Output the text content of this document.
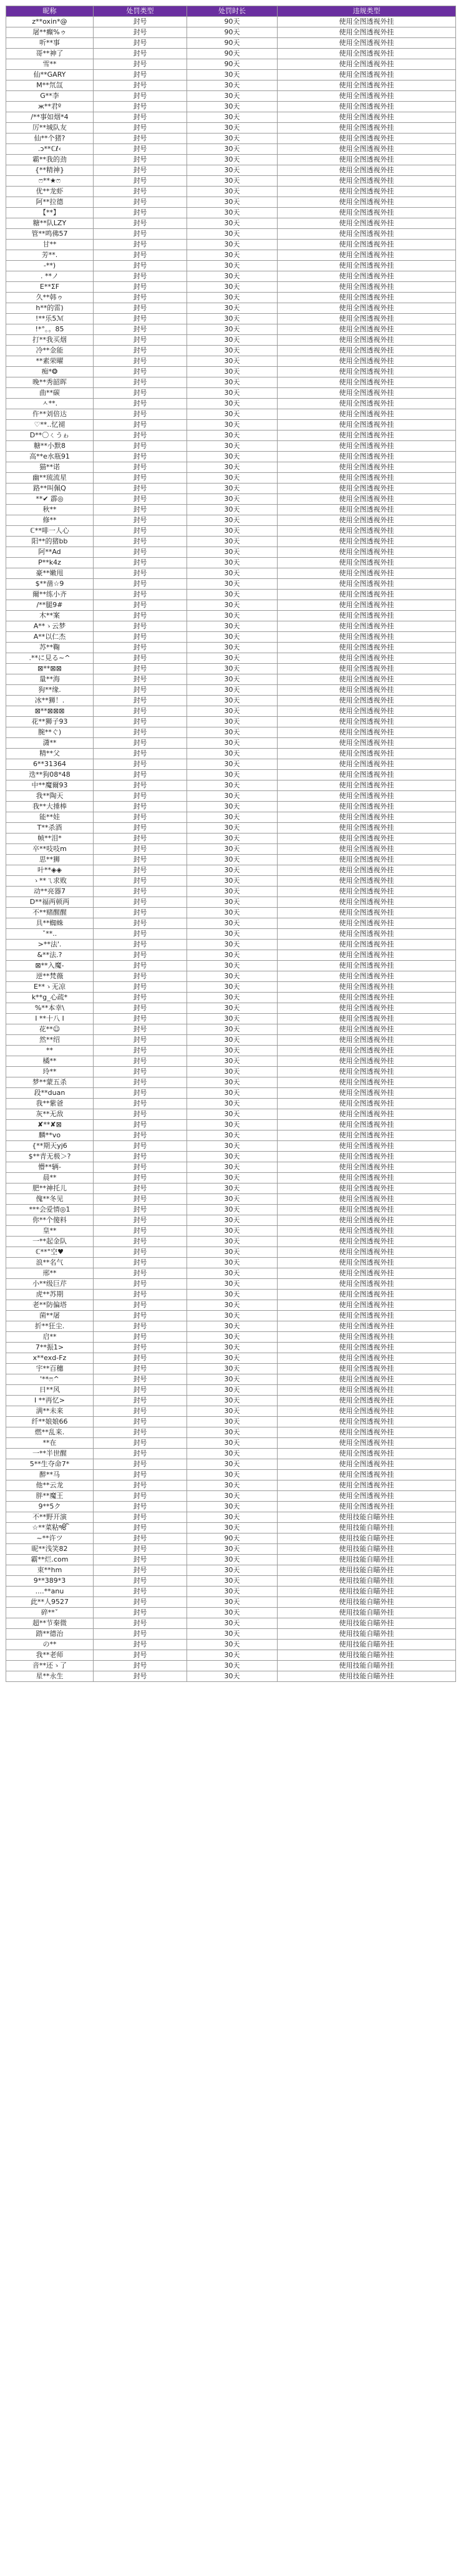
昵称	处罚类型	处罚时长	违规类型
z**oxin*@	封号	90天	使用全图透视外挂
屠**癫%ゥ	封号	90天	使用全图透视外挂
听**事	封号	90天	使用全图透视外挂
哥**神了	封号	90天	使用全图透视外挂
雪**	封号	90天	使用全图透视外挂
仙**GARY	封号	30天	使用全图透视外挂
M**氘氙	封号	30天	使用全图透视外挂
G**李	封号	30天	使用全图透视外挂
ж**君º	封号	30天	使用全图透视外挂
/**事如烟*4	封号	30天	使用全图透视外挂
厉**城队友	封号	30天	使用全图透视外挂
仙**个猪?	封号	30天	使用全图透视外挂
.ↄ**ℂℓ‹	封号	30天	使用全图透视外挂
霸**我的劲	封号	30天	使用全图透视外挂
{**精神}	封号	30天	使用全图透视外挂
ෆ**★ෆ	封号	30天	使用全图透视外挂
优**龙虾	封号	30天	使用全图透视外挂
阿**拉德	封号	30天	使用全图透视外挂
【**】	封号	30天	使用全图透视外挂
糖**队LZY	封号	30天	使用全图透视外挂
管**鸣佛57	封号	30天	使用全图透视外挂
甘**	封号	30天	使用全图透视外挂
芳**.	封号	30天	使用全图透视外挂
-**)	封号	30天	使用全图透视外挂
. **ノ	封号	30天	使用全图透视外挂
E**ΣF	封号	30天	使用全图透视外挂
久**韩ゥ	封号	30天	使用全图透视外挂
h**的雷)	封号	30天	使用全图透视外挂
!**乐5ℳ	封号	30天	使用全图透视外挂
!*°。。85	封号	30天	使用全图透视外挂
打**我买烟	封号	30天	使用全图透视外挂
冷**金能	封号	30天	使用全图透视外挂
**素荣曜	封号	30天	使用全图透视外挂
痴*❂	封号	30天	使用全图透视外挂
晚**秀韶晖	封号	30天	使用全图透视外挂
曲**碳	封号	30天	使用全图透视外挂
ㅅ**.	封号	30天	使用全图透视外挂
仵**刘倍达	封号	30天	使用全图透视外挂
♡**..忆褪	封号	30天	使用全图透视外挂
D**〇ㄑうゎ	封号	30天	使用全图透视外挂
糖**小默8	封号	30天	使用全图透视外挂
高**e水瓶91	封号	30天	使用全图透视外挂
猫**诺	封号	30天	使用全图透视外挂
幽**琉流星	封号	30天	使用全图透视外挂
路**叫佩Q	封号	30天	使用全图透视外挂
**✔ 霹◎	封号	30天	使用全图透视外挂
秋**	封号	30天	使用全图透视外挂
修**	封号	30天	使用全图透视外挂
ℂ**啡一人心	封号	30天	使用全图透视外挂
阳**的猪bb	封号	30天	使用全图透视外挂
阿**Ad	封号	30天	使用全图透视外挂
P**k4z	封号	30天	使用全图透视外挂
豪**嫩甩	封号	30天	使用全图透视外挂
$**凿☆9	封号	30天	使用全图透视外挂
爾**练小齐	封号	30天	使用全图透视外挂
/**腿9#	封号	30天	使用全图透视外挂
木**案	封号	30天	使用全图透视外挂
A**ゝ云梦	封号	30天	使用全图透视外挂
A**以仁杰	封号	30天	使用全图透视外挂
苏**鞠	封号	30天	使用全图透视外挂
.**に見る~^	封号	30天	使用全图透视外挂
⊠**⊠⊠	封号	30天	使用全图透视外挂
量**海	封号	30天	使用全图透视外挂
狗**缘.	封号	30天	使用全图透视外挂
冰**狮！.	封号	30天	使用全图透视外挂
⊠**⊠⊠⊠	封号	30天	使用全图透视外挂
花**狮子93	封号	30天	使用全图透视外挂
腕**ぐ)	封号	30天	使用全图透视外挂
潇**	封号	30天	使用全图透视外挂
精**父	封号	30天	使用全图透视外挂
6**31364	封号	30天	使用全图透视外挂
迭**狗08*48	封号	30天	使用全图透视外挂
中**魔爾93	封号	30天	使用全图透视外挂
我**陶天	封号	30天	使用全图透视外挂
我**大捶棒	封号	30天	使用全图透视外挂
能**娃	封号	30天	使用全图透视外挂
T**杀酒	封号	30天	使用全图透视外挂
帧**泪*	封号	30天	使用全图透视外挂
卒**吱吱m	封号	30天	使用全图透视外挂
思**狮	封号	30天	使用全图透视外挂
叶**◈◈	封号	30天	使用全图透视外挂
ゝ**ㄟ求败	封号	30天	使用全图透视外挂
动**亮器7	封号	30天	使用全图透视外挂
D**福两顿两	封号	30天	使用全图透视外挂
不**赌醒醒	封号	30天	使用全图透视外挂
具**蜘蛛	封号	30天	使用全图透视外挂
ˇ**..	封号	30天	使用全图透视外挂
>**法'.	封号	30天	使用全图透视外挂
&**法.?	封号	30天	使用全图透视外挂
⊠**入魔-	封号	30天	使用全图透视外挂
逆**梵薇	封号	30天	使用全图透视外挂
E**ゝ无凉	封号	30天	使用全图透视外挂
k**g_心疏*	封号	30天	使用全图透视外挂
%**本幸\	封号	30天	使用全图透视外挂
I **十八 I	封号	30天	使用全图透视外挂
花**☺	封号	30天	使用全图透视外挂
然**绍	封号	30天	使用全图透视外挂
**	封号	30天	使用全图透视外挂
橘**	封号	30天	使用全图透视外挂
玲**	封号	30天	使用全图透视外挂
梦**蒙五杀	封号	30天	使用全图透视外挂
段**duan	封号	30天	使用全图透视外挂
我**紫爸	封号	30天	使用全图透视外挂
灰**无敌	封号	30天	使用全图透视外挂
✘**✘⊠	封号	30天	使用全图透视外挂
麟**vo	封号	30天	使用全图透视外挂
{**期天yj6	封号	30天	使用全图透视外挂
$**青无极＞?	封号	30天	使用全图透视外挂
懵**辆-	封号	30天	使用全图透视外挂
晨**	封号	30天	使用全图透视外挂
肥**神托儿	封号	30天	使用全图透视外挂
傀**冬见	封号	30天	使用全图透视外挂
***会爱情◎1	封号	30天	使用全图透视外挂
你**个傻料	封号	30天	使用全图透视外挂
皇**	封号	30天	使用全图透视外挂
一**起金队	封号	30天	使用全图透视外挂
ℂ**°空♥	封号	30天	使用全图透视外挂
浪**名气	封号	30天	使用全图透视外挂
邢**	封号	30天	使用全图透视外挂
小**级巨芹	封号	30天	使用全图透视外挂
虎**苏期	封号	30天	使用全图透视外挂
老**防偏塔	封号	30天	使用全图透视外挂
菌**屠	封号	30天	使用全图透视外挂
折**狂尘.	封号	30天	使用全图透视外挂
启**	封号	30天	使用全图透视外挂
7**振1>	封号	30天	使用全图透视外挂
x**exd-Fz	封号	30天	使用全图透视外挂
宇**百穗	封号	30天	使用全图透视外挂
'**ෆ^	封号	30天	使用全图透视外挂
日**风	封号	30天	使用全图透视外挂
I **再忆>	封号	30天	使用全图透视外挂
满**未来	封号	30天	使用全图透视外挂
纤**娘娘66	封号	30天	使用全图透视外挂
燃**乱来.	封号	30天	使用全图透视外挂
**在	封号	30天	使用全图透视外挂
一**半世醒	封号	30天	使用全图透视外挂
5**生夺命7*	封号	30天	使用全图透视外挂
醉**马	封号	30天	使用全图透视外挂
他**云龙	封号	30天	使用全图透视外挂
胖**魔王	封号	30天	使用全图透视外挂
9**5ク	封号	30天	使用全图透视外挂
不**野开演	封号	30天	使用技能自瞄外挂
☆**菜粘ੴ	封号	30天	使用技能自瞄外挂
~**许ツ	封号	90天	使用技能自瞄外挂
昵**浅笑82	封号	30天	使用技能自瞄外挂
霸**烂.com	封号	30天	使用技能自瞄外挂
束**hm	封号	30天	使用技能自瞄外挂
9**389*3	封号	30天	使用技能自瞄外挂
....**anu	封号	30天	使用技能自瞄外挂
此**人9527	封号	30天	使用技能自瞄外挂
碎**ˇ	封号	30天	使用技能自瞄外挂
超**节秦微	封号	30天	使用技能自瞄外挂
踏**德治	封号	30天	使用技能自瞄外挂
の**	封号	30天	使用技能自瞄外挂
我**老师	封号	30天	使用技能自瞄外挂
音**还ゝ了	封号	30天	使用技能自瞄外挂
星**永生	封号	30天	使用技能自瞄外挂
